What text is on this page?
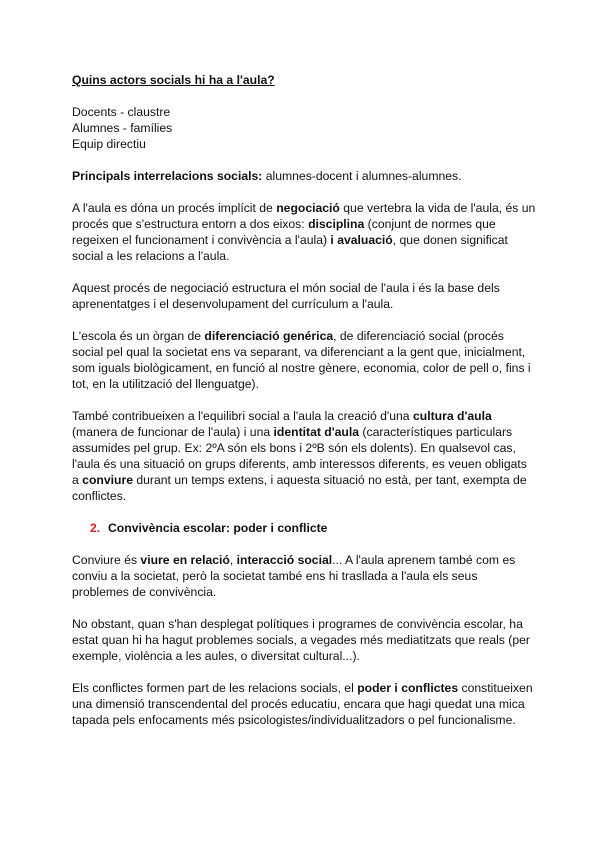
Quins actors socials hi ha a l'aula?

Docents - claustre
Alumnes - famílies
Equip directiu

Principals interrelacions socials: alumnes-docent i alumnes-alumnes.

A l'aula es dóna un procés implícit de negociació que vertebra la vida de l'aula, és un procés que s'estructura entorn a dos eixos: disciplina (conjunt de normes que regeixen el funcionament i convivència a l'aula) i avaluació, que donen significat social a les relacions a l'aula.

Aquest procés de negociació estructura el món social de l'aula i és la base dels aprenentatges i el desenvolupament del currículum a l'aula.

L'escola és un òrgan de diferenciació genérica, de diferenciació social (procés social pel qual la societat ens va separant, va diferenciant a la gent que, inicialment, som iguals biològicament, en funció al nostre gènere, economia, color de pell o, fins i tot, en la utilització del llenguatge).

També contribueixen a l'equilibri social a l'aula la creació d'una cultura d'aula (manera de funcionar de l'aula) i una identitat d'aula (característiques particulars assumides pel grup. Ex: 2ºA són els bons i 2ºB són els dolents). En qualsevol cas, l'aula és una situació on grups diferents, amb interessos diferents, es veuen obligats a conviure durant un temps extens, i aquesta situació no està, per tant, exempta de conflictes.

2. Convivència escolar: poder i conflicte

Conviure és viure en relació, interacció social... A l'aula aprenem també com es conviu a la societat, però la societat també ens hi trasllada a l'aula els seus problemes de convivència.

No obstant, quan s'han desplegat polítiques i programes de convivència escolar, ha estat quan hi ha hagut problemes socials, a vegades més mediatitzats que reals (per exemple, violència a les aules, o diversitat cultural...).

Els conflictes formen part de les relacions socials, el poder i conflictes constitueixen una dimensió transcendental del procés educatiu, encara que hagi quedat una mica tapada pels enfocaments més psicologistes/individualitzadors o pel funcionalisme.
